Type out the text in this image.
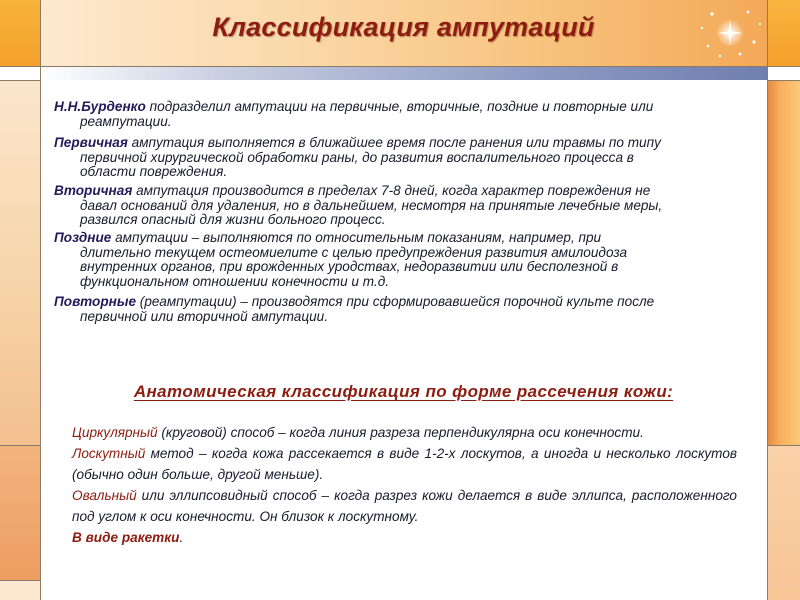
Классификация ампутаций
Н.Н.Бурденко подразделил ампутации на первичные, вторичные, поздние и повторные или
реампутации.
Первичная ампутация выполняется в ближайшее время после ранения или травмы по типу
первичной хирургической обработки раны, до развития воспалительного процесса в
области повреждения.
Вторичная ампутация производится в пределах 7-8 дней, когда характер повреждения не
давал оснований для удаления, но в дальнейшем, несмотря на принятые лечебные меры,
развился опасный для жизни больного процесс.
Поздние ампутации – выполняются по относительным показаниям, например, при
длительно текущем остеомиелите с целью предупреждения развития амилоидоза
внутренних органов, при врожденных уродствах, недоразвитии или бесполезной в
функциональном отношении конечности и т.д.
Повторные (реампутации) – производятся при сформировавшейся порочной культе после
первичной или вторичной ампутации.
Анатомическая классификация по форме рассечения кожи:
Циркулярный (круговой) способ – когда линия разреза перпендикулярна оси конечности.
Лоскутный метод – когда кожа рассекается в виде 1-2-х лоскутов, а иногда и несколько лоскутов (обычно один больше, другой меньше).
Овальный или эллипсовидный способ – когда разрез кожи делается в виде эллипса, расположенного под углом к оси конечности. Он близок к лоскутному.
В виде ракетки.
